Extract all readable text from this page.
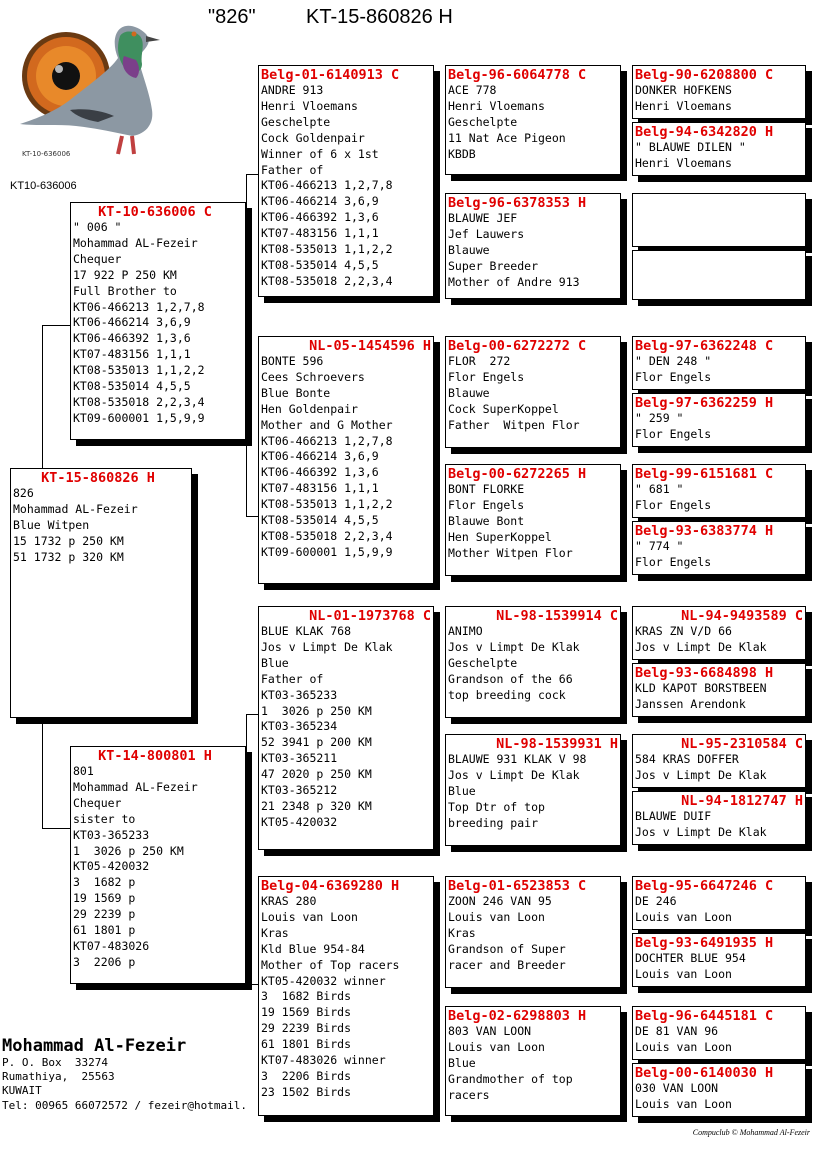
"826"	KT-15-860826 H
KT-10-636006
KT10-636006
KT-15-860826 H
826
Mohammad AL-Fezeir
Blue Witpen
15 1732 p 250 KM
51 1732 p 320 KM
KT-10-636006 C
" 006 "
Mohammad AL-Fezeir
Chequer
17 922 P 250 KM
Full Brother to
KT06-466213 1,2,7,8
KT06-466214 3,6,9
KT06-466392 1,3,6
KT07-483156 1,1,1
KT08-535013 1,1,2,2
KT08-535014 4,5,5
KT08-535018 2,2,3,4
KT09-600001 1,5,9,9
KT-14-800801 H
801
Mohammad AL-Fezeir
Chequer
sister to
KT03-365233
1  3026 p 250 KM
KT05-420032
3  1682 p
19 1569 p
29 2239 p
61 1801 p
KT07-483026
3  2206 p
Belg-01-6140913 C
ANDRE 913
Henri Vloemans
Geschelpte
Cock Goldenpair
Winner of 6 x 1st
Father of
KT06-466213 1,2,7,8
KT06-466214 3,6,9
KT06-466392 1,3,6
KT07-483156 1,1,1
KT08-535013 1,1,2,2
KT08-535014 4,5,5
KT08-535018 2,2,3,4
NL-05-1454596 H
BONTE 596
Cees Schroevers
Blue Bonte
Hen Goldenpair
Mother and G Mother
KT06-466213 1,2,7,8
KT06-466214 3,6,9
KT06-466392 1,3,6
KT07-483156 1,1,1
KT08-535013 1,1,2,2
KT08-535014 4,5,5
KT08-535018 2,2,3,4
KT09-600001 1,5,9,9
NL-01-1973768 C
BLUE KLAK 768
Jos v Limpt De Klak
Blue
Father of
KT03-365233
1  3026 p 250 KM
KT03-365234
52 3941 p 200 KM
KT03-365211
47 2020 p 250 KM
KT03-365212
21 2348 p 320 KM
KT05-420032
Belg-04-6369280 H
KRAS 280
Louis van Loon
Kras
Kld Blue 954-84
Mother of Top racers
KT05-420032 winner
3  1682 Birds
19 1569 Birds
29 2239 Birds
61 1801 Birds
KT07-483026 winner
3  2206 Birds
23 1502 Birds
Belg-96-6064778 C
ACE 778
Henri Vloemans
Geschelpte
11 Nat Ace Pigeon
KBDB
Belg-96-6378353 H
BLAUWE JEF
Jef Lauwers
Blauwe
Super Breeder
Mother of Andre 913
Belg-00-6272272 C
FLOR  272
Flor Engels
Blauwe
Cock SuperKoppel
Father  Witpen Flor
Belg-00-6272265 H
BONT FLORKE
Flor Engels
Blauwe Bont
Hen SuperKoppel
Mother Witpen Flor
NL-98-1539914 C
ANIMO
Jos v Limpt De Klak
Geschelpte
Grandson of the 66
top breeding cock
NL-98-1539931 H
BLAUWE 931 KLAK V 98
Jos v Limpt De Klak
Blue
Top Dtr of top
breeding pair
Belg-01-6523853 C
ZOON 246 VAN 95
Louis van Loon
Kras
Grandson of Super
racer and Breeder
Belg-02-6298803 H
803 VAN LOON
Louis van Loon
Blue
Grandmother of top
racers
Belg-90-6208800 C
DONKER HOFKENS
Henri Vloemans
Belg-94-6342820 H
" BLAUWE DILEN "
Henri Vloemans
Belg-97-6362248 C
" DEN 248 "
Flor Engels
Belg-97-6362259 H
" 259 "
Flor Engels
Belg-99-6151681 C
" 681 "
Flor Engels
Belg-93-6383774 H
" 774 "
Flor Engels
NL-94-9493589 C
KRAS ZN V/D 66
Jos v Limpt De Klak
Belg-93-6684898 H
KLD KAPOT BORSTBEEN
Janssen Arendonk
NL-95-2310584 C
584 KRAS DOFFER
Jos v Limpt De Klak
NL-94-1812747 H
BLAUWE DUIF
Jos v Limpt De Klak
Belg-95-6647246 C
DE 246
Louis van Loon
Belg-93-6491935 H
DOCHTER BLUE 954
Louis van Loon
Belg-96-6445181 C
DE 81 VAN 96
Louis van Loon
Belg-00-6140030 H
030 VAN LOON
Louis van Loon
Mohammad Al-Fezeir
P. O. Box  33274
Rumathiya,  25563
KUWAIT
Tel: 00965 66072572 / fezeir@hotmail.
Compuclub © Mohammad Al-Fezeir
